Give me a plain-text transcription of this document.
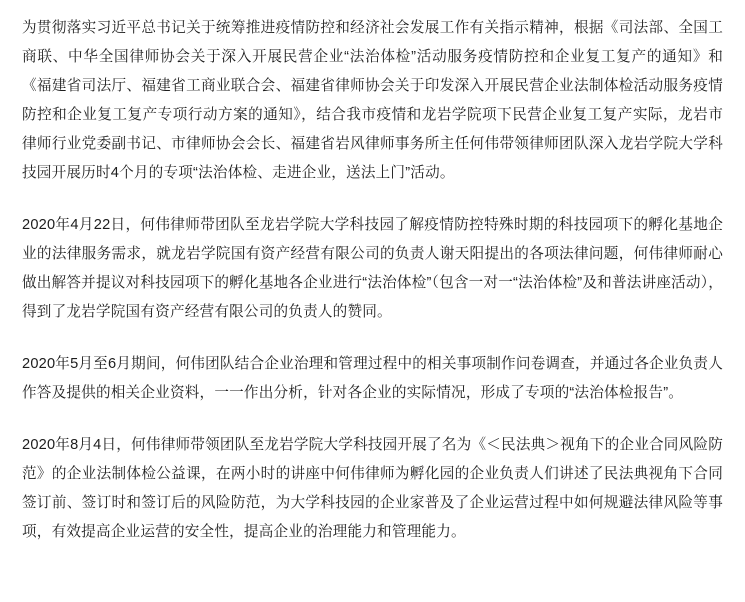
为贯彻落实习近平总书记关于统筹推进疫情防控和经济社会发展工作有关指示精神，根据《司法部、全国工商联、中华全国律师协会关于深入开展民营企业“法治体检”活动服务疫情防控和企业复工复产的通知》和《福建省司法厅、福建省工商业联合会、福建省律师协会关于印发深入开展民营企业法制体检活动服务疫情防控和企业复工复产专项行动方案的通知》，结合我市疫情和龙岩学院项下民营企业复工复产实际，龙岩市律师行业党委副书记、市律师协会会长、福建省岩风律师事务所主任何伟带领律师团队深入龙岩学院大学科技园开展历时4个月的专项“法治体检、走进企业，送法上门”活动。

2020年4月22日，何伟律师带团队至龙岩学院大学科技园了解疫情防控特殊时期的科技园项下的孵化基地企业的法律服务需求，就龙岩学院国有资产经营有限公司的负责人谢天阳提出的各项法律问题，何伟律师耐心做出解答并提议对科技园项下的孵化基地各企业进行“法治体检”（包含一对一“法治体检”及和普法讲座活动），得到了龙岩学院国有资产经营有限公司的负责人的赞同。

2020年5月至6月期间，何伟团队结合企业治理和管理过程中的相关事项制作问卷调查，并通过各企业负责人作答及提供的相关企业资料，一一作出分析，针对各企业的实际情况，形成了专项的“法治体检报告”。

2020年8月4日，何伟律师带领团队至龙岩学院大学科技园开展了名为《＜民法典＞视角下的企业合同风险防范》的企业法制体检公益课，在两小时的讲座中何伟律师为孵化园的企业负责人们讲述了民法典视角下合同签订前、签订时和签订后的风险防范，为大学科技园的企业家普及了企业运营过程中如何规避法律风险等事项，有效提高企业运营的安全性，提高企业的治理能力和管理能力。
